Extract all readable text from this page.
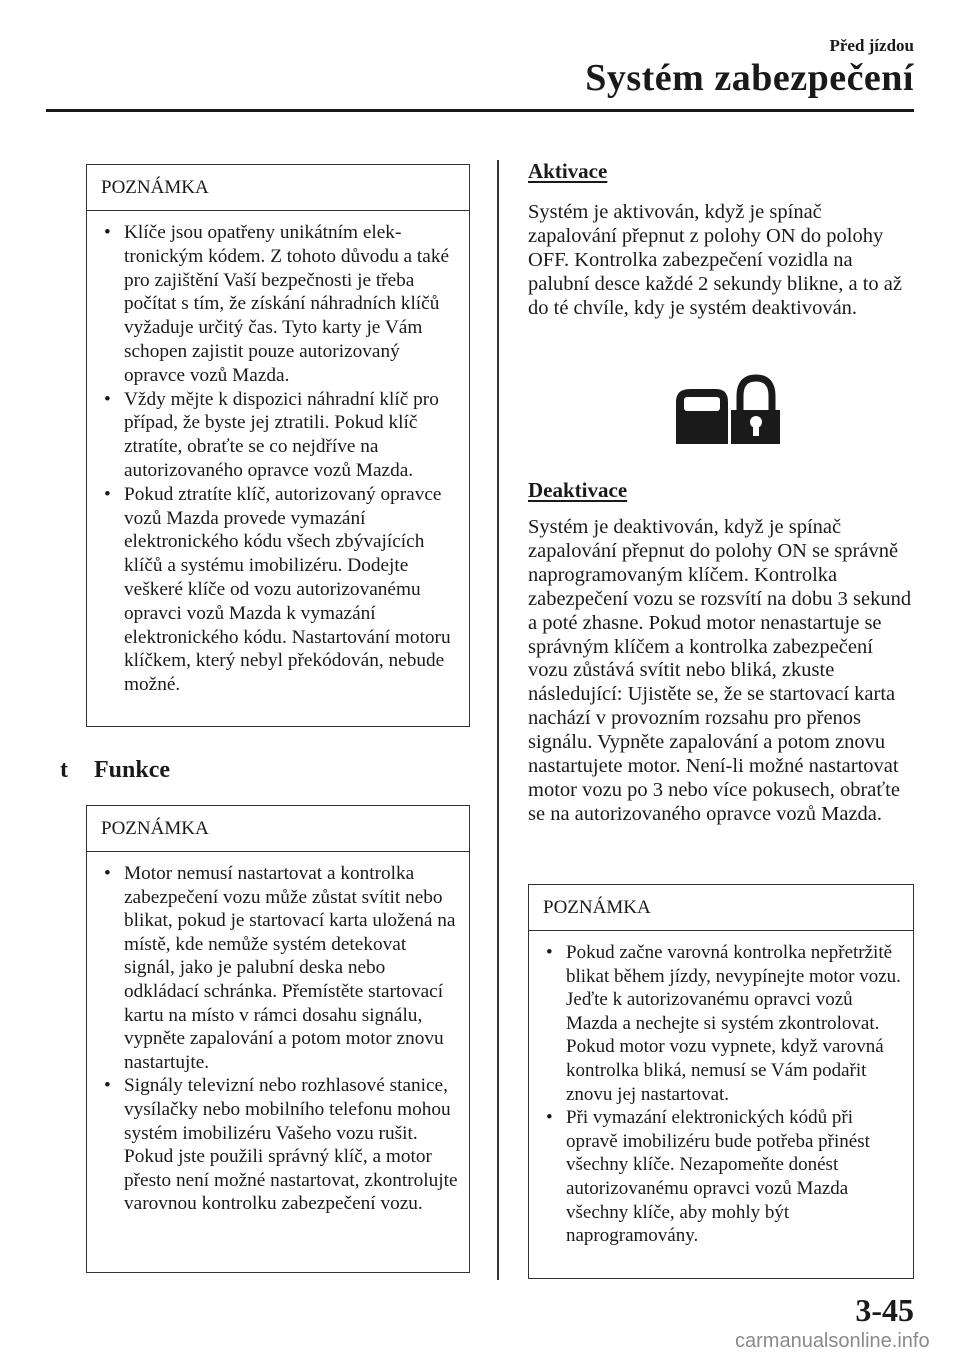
Před jízdou
Systém zabezpečení
POZNÁMKA
• Klíče jsou opatřeny unikátním elektronickým kódem. Z tohoto důvodu a také pro zajištění Vaší bezpečnosti je třeba počítat s tím, že získání náhradních klíčů vyžaduje určitý čas. Tyto karty je Vám schopen zajistit pouze autorizovaný opravce vozů Mazda.
• Vždy mějte k dispozici náhradní klíč pro případ, že byste jej ztratili. Pokud klíč ztratíte, obraťte se co nejdříve na autorizovaného opravce vozů Mazda.
• Pokud ztratíte klíč, autorizovaný opravce vozů Mazda provede vymazání elektronického kódu všech zbývajících klíčů a systému imobilizéru. Dodejte veškeré klíče od vozu autorizovanému opravci vozů Mazda k vymazání elektronického kódu. Nastartování motoru klíčkem, který nebyl překódován, nebude možné.
t Funkce
POZNÁMKA
• Motor nemusí nastartovat a kontrolka zabezpečení vozu může zůstat svítit nebo blikat, pokud je startovací karta uložená na místě, kde nemůže systém detekovat signál, jako je palubní deska nebo odkládací schránka. Přemístěte startovací kartu na místo v rámci dosahu signálu, vypněte zapalování a potom motor znovu nastartujte.
• Signály televizní nebo rozhlasové stanice, vysílačky nebo mobilního telefonu mohou systém imobilizéru Vašeho vozu rušit. Pokud jste použili správný klíč, a motor přesto není možné nastartovat, zkontrolujte varovnou kontrolku zabezpečení vozu.
Aktivace
Systém je aktivován, když je spínač zapalování přepnut z polohy ON do polohy OFF. Kontrolka zabezpečení vozidla na palubní desce každé 2 sekundy blikne, a to až do té chvíle, kdy je systém deaktivován.
Deaktivace
Systém je deaktivován, když je spínač zapalování přepnut do polohy ON se správně naprogramovaným klíčem. Kontrolka zabezpečení vozu se rozsvítí na dobu 3 sekund a poté zhasne. Pokud motor nenastartuje se správným klíčem a kontrolka zabezpečení vozu zůstává svítit nebo bliká, zkuste následující: Ujistěte se, že se startovací karta nachází v provozním rozsahu pro přenos signálu. Vypněte zapalování a potom znovu nastartujete motor. Není-li možné nastartovat motor vozu po 3 nebo více pokusech, obraťte se na autorizovaného opravce vozů Mazda.
POZNÁMKA
• Pokud začne varovná kontrolka nepřetržitě blikat během jízdy, nevypínejte motor vozu. Jeďte k autorizovanému opravci vozů Mazda a nechejte si systém zkontrolovat. Pokud motor vozu vypnete, když varovná kontrolka bliká, nemusí se Vám podařit znovu jej nastartovat.
• Při vymazání elektronických kódů při opravě imobilizéru bude potřeba přinést všechny klíče. Nezapomeňte donést autorizovanému opravci vozů Mazda všechny klíče, aby mohly být naprogramovány.
3-45
carmanualsonline.info
